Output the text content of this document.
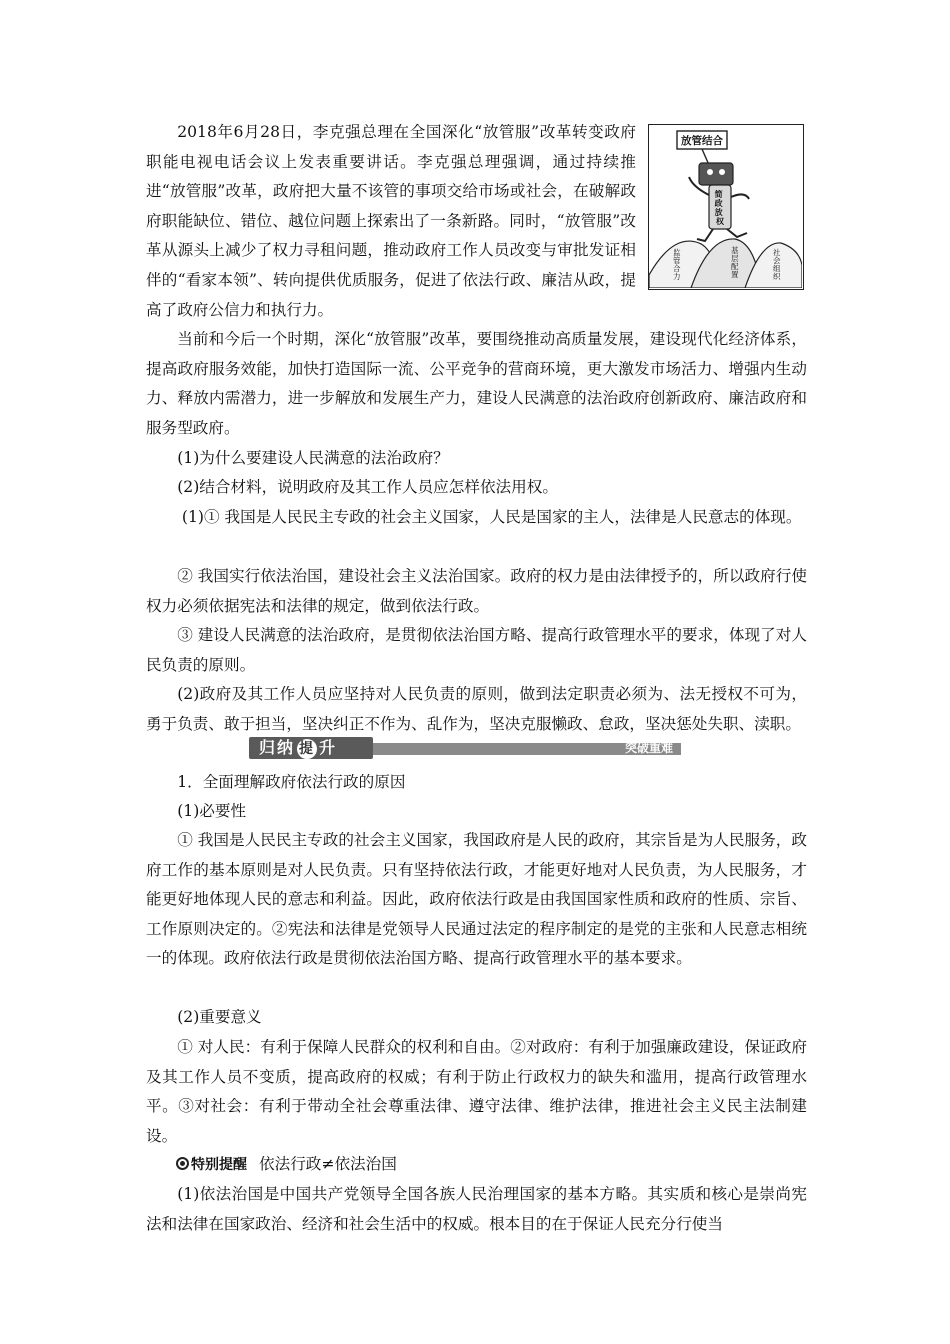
2018年6月28日，李克强总理在全国深化“放管服”改革转变政府职能电视电话会议上发表重要讲话。李克强总理强调，通过持续推进“放管服”改革，政府把大量不该管的事项交给市场或社会，在破解政府职能缺位、错位、越位问题上探索出了一条新路。同时，“放管服”改革从源头上减少了权力寻租问题，推动政府工作人员改变与审批发证相伴的“看家本领”、转向提供优质服务，促进了依法行政、廉洁从政，提高了政府公信力和执行力。

放管结合
简 政 放 权
监管合力
基层配置
社会组织

当前和今后一个时期，深化“放管服”改革，要围绕推动高质量发展，建设现代化经济体系，提高政府服务效能，加快打造国际一流、公平竞争的营商环境，更大激发市场活力、增强内生动力、释放内需潜力，进一步解放和发展生产力，建设人民满意的法治政府创新政府、廉洁政府和服务型政府。

(1)为什么要建设人民满意的法治政府？

(2)结合材料，说明政府及其工作人员应怎样依法用权。

(1)① 我国是人民民主专政的社会主义国家，人民是国家的主人，法律是人民意志的体现。

② 我国实行依法治国，建设社会主义法治国家。政府的权力是由法律授予的，所以政府行使权力必须依据宪法和法律的规定，做到依法行政。

③ 建设人民满意的法治政府，是贯彻依法治国方略、提高行政管理水平的要求，体现了对人民负责的原则。

(2)政府及其工作人员应坚持对人民负责的原则，做到法定职责必须为、法无授权不可为，勇于负责、敢于担当，坚决纠正不作为、乱作为，坚决克服懒政、怠政，坚决惩处失职、渎职。

归纳 提 升	突破重难

1．全面理解政府依法行政的原因

(1)必要性

① 我国是人民民主专政的社会主义国家，我国政府是人民的政府，其宗旨是为人民服务，政府工作的基本原则是对人民负责。只有坚持依法行政，才能更好地对人民负责，为人民服务，才能更好地体现人民的意志和利益。因此，政府依法行政是由我国国家性质和政府的性质、宗旨、工作原则决定的。②宪法和法律是党领导人民通过法定的程序制定的是党的主张和人民意志相统一的体现。政府依法行政是贯彻依法治国方略、提高行政管理水平的基本要求。

(2)重要意义

① 对人民：有利于保障人民群众的权利和自由。②对政府：有利于加强廉政建设，保证政府及其工作人员不变质，提高政府的权威；有利于防止行政权力的缺失和滥用，提高行政管理水平。③对社会：有利于带动全社会尊重法律、遵守法律、维护法律，推进社会主义民主法制建设。

特别提醒 依法行政≠依法治国

(1)依法治国是中国共产党领导全国各族人民治理国家的基本方略。其实质和核心是崇尚宪法和法律在国家政治、经济和社会生活中的权威。根本目的在于保证人民充分行使当
